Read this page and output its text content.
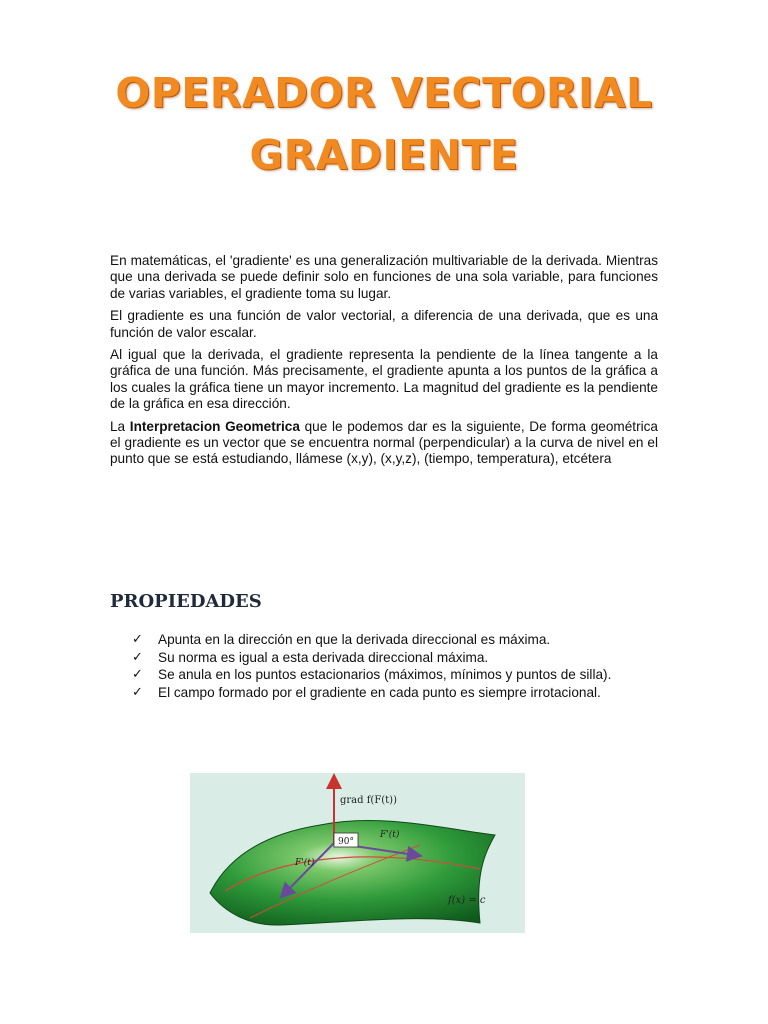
OPERADOR VECTORIAL
GRADIENTE

En matemáticas, el 'gradiente' es una generalización multivariable de la derivada. Mientras que una derivada se puede definir solo en funciones de una sola variable, para funciones de varias variables, el gradiente toma su lugar.

El gradiente es una función de valor vectorial, a diferencia de una derivada, que es una función de valor escalar.

Al igual que la derivada, el gradiente representa la pendiente de la línea tangente a la gráfica de una función. Más precisamente, el gradiente apunta a los puntos de la gráfica a los cuales la gráfica tiene un mayor incremento. La magnitud del gradiente es la pendiente de la gráfica en esa dirección.

La Interpretacion Geometrica que le podemos dar es la siguiente, De forma geométrica el gradiente es un vector que se encuentra normal (perpendicular) a la curva de nivel en el punto que se está estudiando, llámese (x,y), (x,y,z), (tiempo, temperatura), etcétera

PROPIEDADES
✓ Apunta en la dirección en que la derivada direccional es máxima.
✓ Su norma es igual a esta derivada direccional máxima.
✓ Se anula en los puntos estacionarios (máximos, mínimos y puntos de silla).
✓ El campo formado por el gradiente en cada punto es siempre irrotacional.
90°
grad f(F(t))
F'(t)
F'(t)
f(x) = c
